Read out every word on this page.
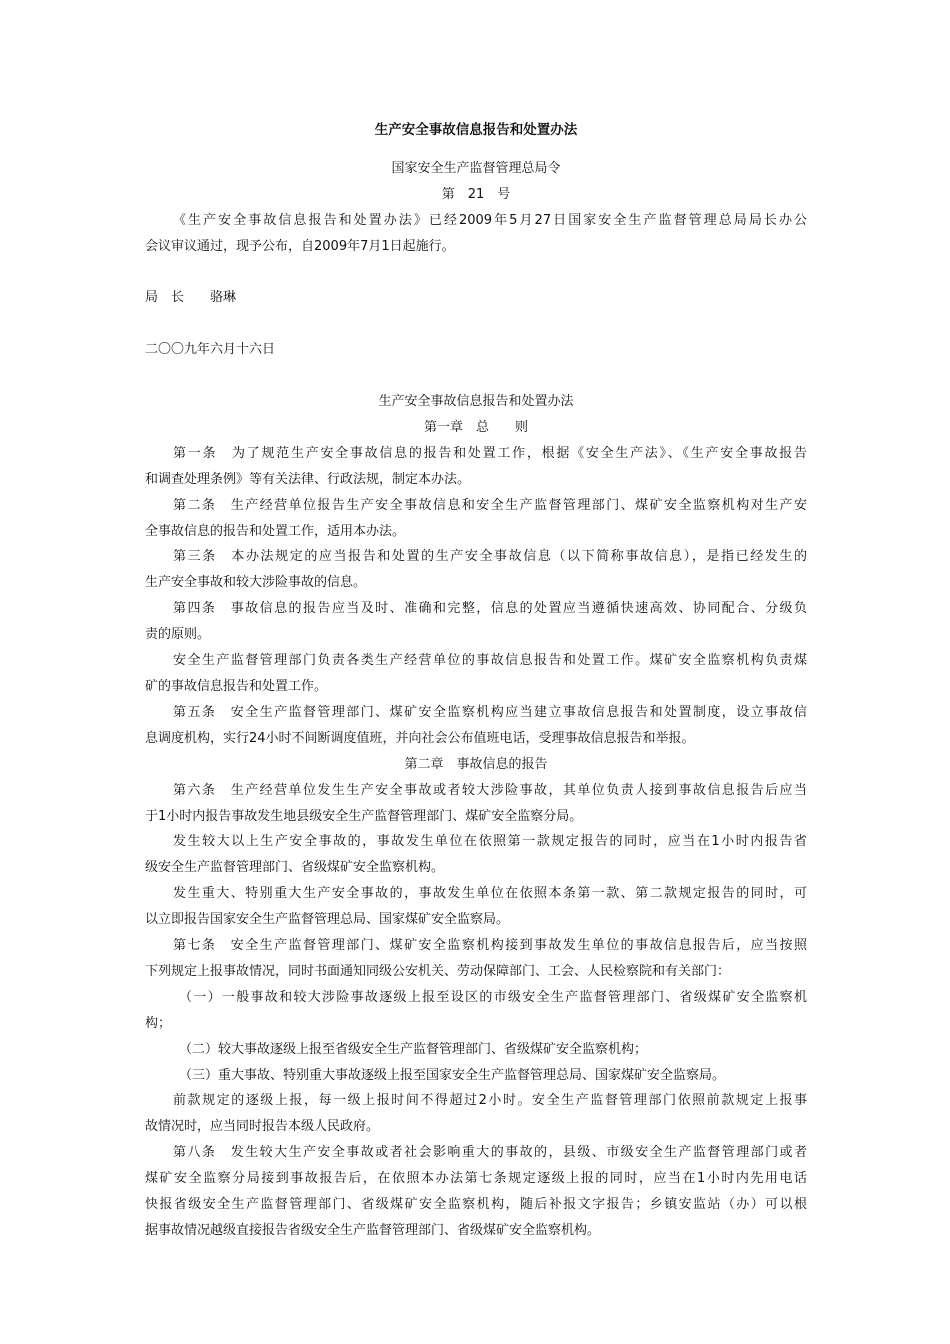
生产安全事故信息报告和处置办法
国家安全生产监督管理总局令
第　21　号
《生产安全事故信息报告和处置办法》已经2009年5月27日国家安全生产监督管理总局局长办公
会议审议通过，现予公布，自2009年7月1日起施行。
局　长　　骆琳
二〇〇九年六月十六日
生产安全事故信息报告和处置办法
第一章　总　　则
第一条　为了规范生产安全事故信息的报告和处置工作，根据《安全生产法》、《生产安全事故报告
和调查处理条例》等有关法律、行政法规，制定本办法。
第二条　生产经营单位报告生产安全事故信息和安全生产监督管理部门、煤矿安全监察机构对生产安
全事故信息的报告和处置工作，适用本办法。
第三条　本办法规定的应当报告和处置的生产安全事故信息（以下简称事故信息），是指已经发生的
生产安全事故和较大涉险事故的信息。
第四条　事故信息的报告应当及时、准确和完整，信息的处置应当遵循快速高效、协同配合、分级负
责的原则。
安全生产监督管理部门负责各类生产经营单位的事故信息报告和处置工作。煤矿安全监察机构负责煤
矿的事故信息报告和处置工作。
第五条　安全生产监督管理部门、煤矿安全监察机构应当建立事故信息报告和处置制度，设立事故信
息调度机构，实行24小时不间断调度值班，并向社会公布值班电话，受理事故信息报告和举报。
第二章　事故信息的报告
第六条　生产经营单位发生生产安全事故或者较大涉险事故，其单位负责人接到事故信息报告后应当
于1小时内报告事故发生地县级安全生产监督管理部门、煤矿安全监察分局。
发生较大以上生产安全事故的，事故发生单位在依照第一款规定报告的同时，应当在1小时内报告省
级安全生产监督管理部门、省级煤矿安全监察机构。
发生重大、特别重大生产安全事故的，事故发生单位在依照本条第一款、第二款规定报告的同时，可
以立即报告国家安全生产监督管理总局、国家煤矿安全监察局。
第七条　安全生产监督管理部门、煤矿安全监察机构接到事故发生单位的事故信息报告后，应当按照
下列规定上报事故情况，同时书面通知同级公安机关、劳动保障部门、工会、人民检察院和有关部门：
（一）一般事故和较大涉险事故逐级上报至设区的市级安全生产监督管理部门、省级煤矿安全监察机
构；
（二）较大事故逐级上报至省级安全生产监督管理部门、省级煤矿安全监察机构；
（三）重大事故、特别重大事故逐级上报至国家安全生产监督管理总局、国家煤矿安全监察局。
前款规定的逐级上报，每一级上报时间不得超过2小时。安全生产监督管理部门依照前款规定上报事
故情况时，应当同时报告本级人民政府。
第八条　发生较大生产安全事故或者社会影响重大的事故的，县级、市级安全生产监督管理部门或者
煤矿安全监察分局接到事故报告后，在依照本办法第七条规定逐级上报的同时，应当在1小时内先用电话
快报省级安全生产监督管理部门、省级煤矿安全监察机构，随后补报文字报告；乡镇安监站（办）可以根
据事故情况越级直接报告省级安全生产监督管理部门、省级煤矿安全监察机构。
